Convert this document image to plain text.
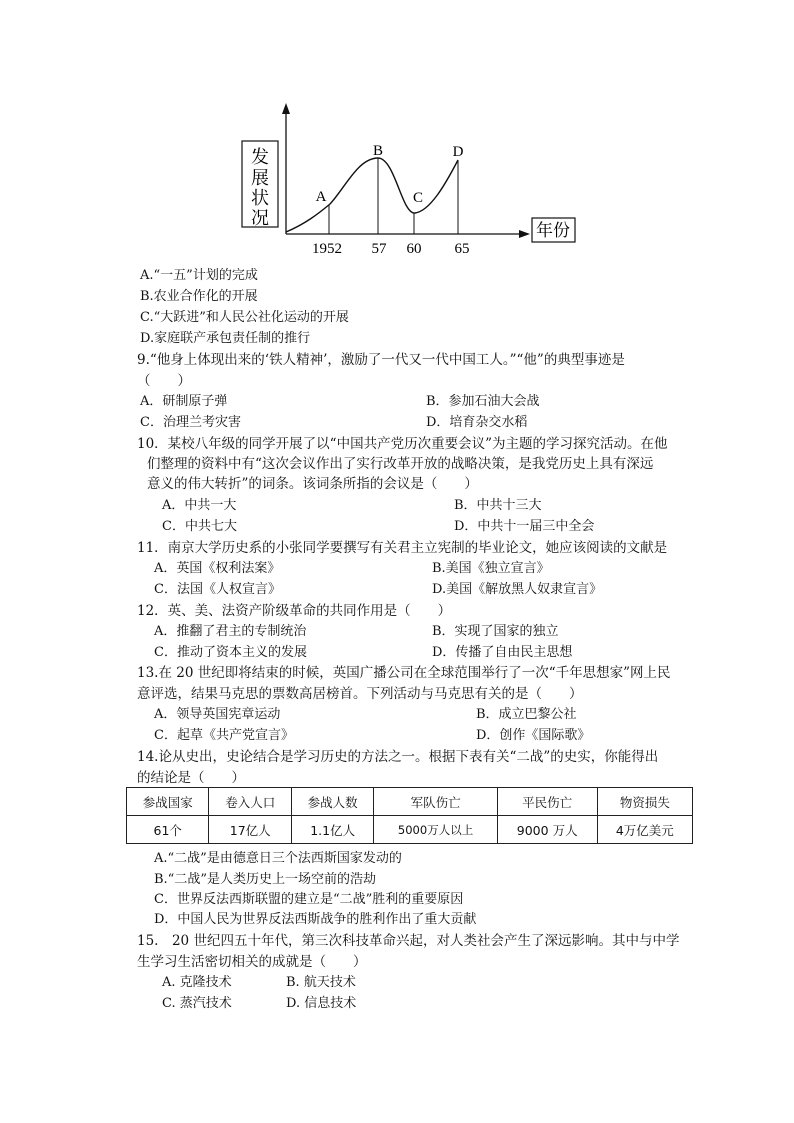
发
展
状
况
年份
A
B
C
D
1952 57 60 65
A.“一五”计划的完成
B.农业合作化的开展
C.“大跃进”和人民公社化运动的开展
D.家庭联产承包责任制的推行
9.“他身上体现出来的‘铁人精神’，激励了一代又一代中国工人。”“他”的典型事迹是
（　　）
A．研制原子弹	B．参加石油大会战
C．治理兰考灾害	D．培育杂交水稻
10．某校八年级的同学开展了以“中国共产党历次重要会议”为主题的学习探究活动。在他
们整理的资料中有“这次会议作出了实行改革开放的战略决策，是我党历史上具有深远
意义的伟大转折”的词条。该词条所指的会议是（　　）
A．中共一大	B．中共十三大
C．中共七大	D．中共十一届三中全会
11．南京大学历史系的小张同学要撰写有关君主立宪制的毕业论文，她应该阅读的文献是
A．英国《权利法案》	B.美国《独立宣言》
C．法国《人权宣言》	D.美国《解放黑人奴隶宣言》
12．英、美、法资产阶级革命的共同作用是（　　）
A．推翻了君主的专制统治	B．实现了国家的独立
C．推动了资本主义的发展	D．传播了自由民主思想
13.在 20 世纪即将结束的时候，英国广播公司在全球范围举行了一次“千年思想家”网上民
意评选，结果马克思的票数高居榜首。下列活动与马克思有关的是（　　）
A．领导英国宪章运动	B．成立巴黎公社
C．起草《共产党宣言》	D．创作《国际歌》
14.论从史出，史论结合是学习历史的方法之一。根据下表有关“二战”的史实，你能得出
的结论是（　　）
参战国家	卷入人口	参战人数	军队伤亡	平民伤亡	物资损失
61个	17亿人	1.1亿人	5000万人以上	9000 万人	4万亿美元
A.“二战”是由德意日三个法西斯国家发动的
B.“二战”是人类历史上一场空前的浩劫
C．世界反法西斯联盟的建立是“二战”胜利的重要原因
D．中国人民为世界反法西斯战争的胜利作出了重大贡献
15.　20 世纪四五十年代，第三次科技革命兴起，对人类社会产生了深远影响。其中与中学
生学习生活密切相关的成就是（　　）
A. 克隆技术	B. 航天技术
C. 蒸汽技术	D. 信息技术
